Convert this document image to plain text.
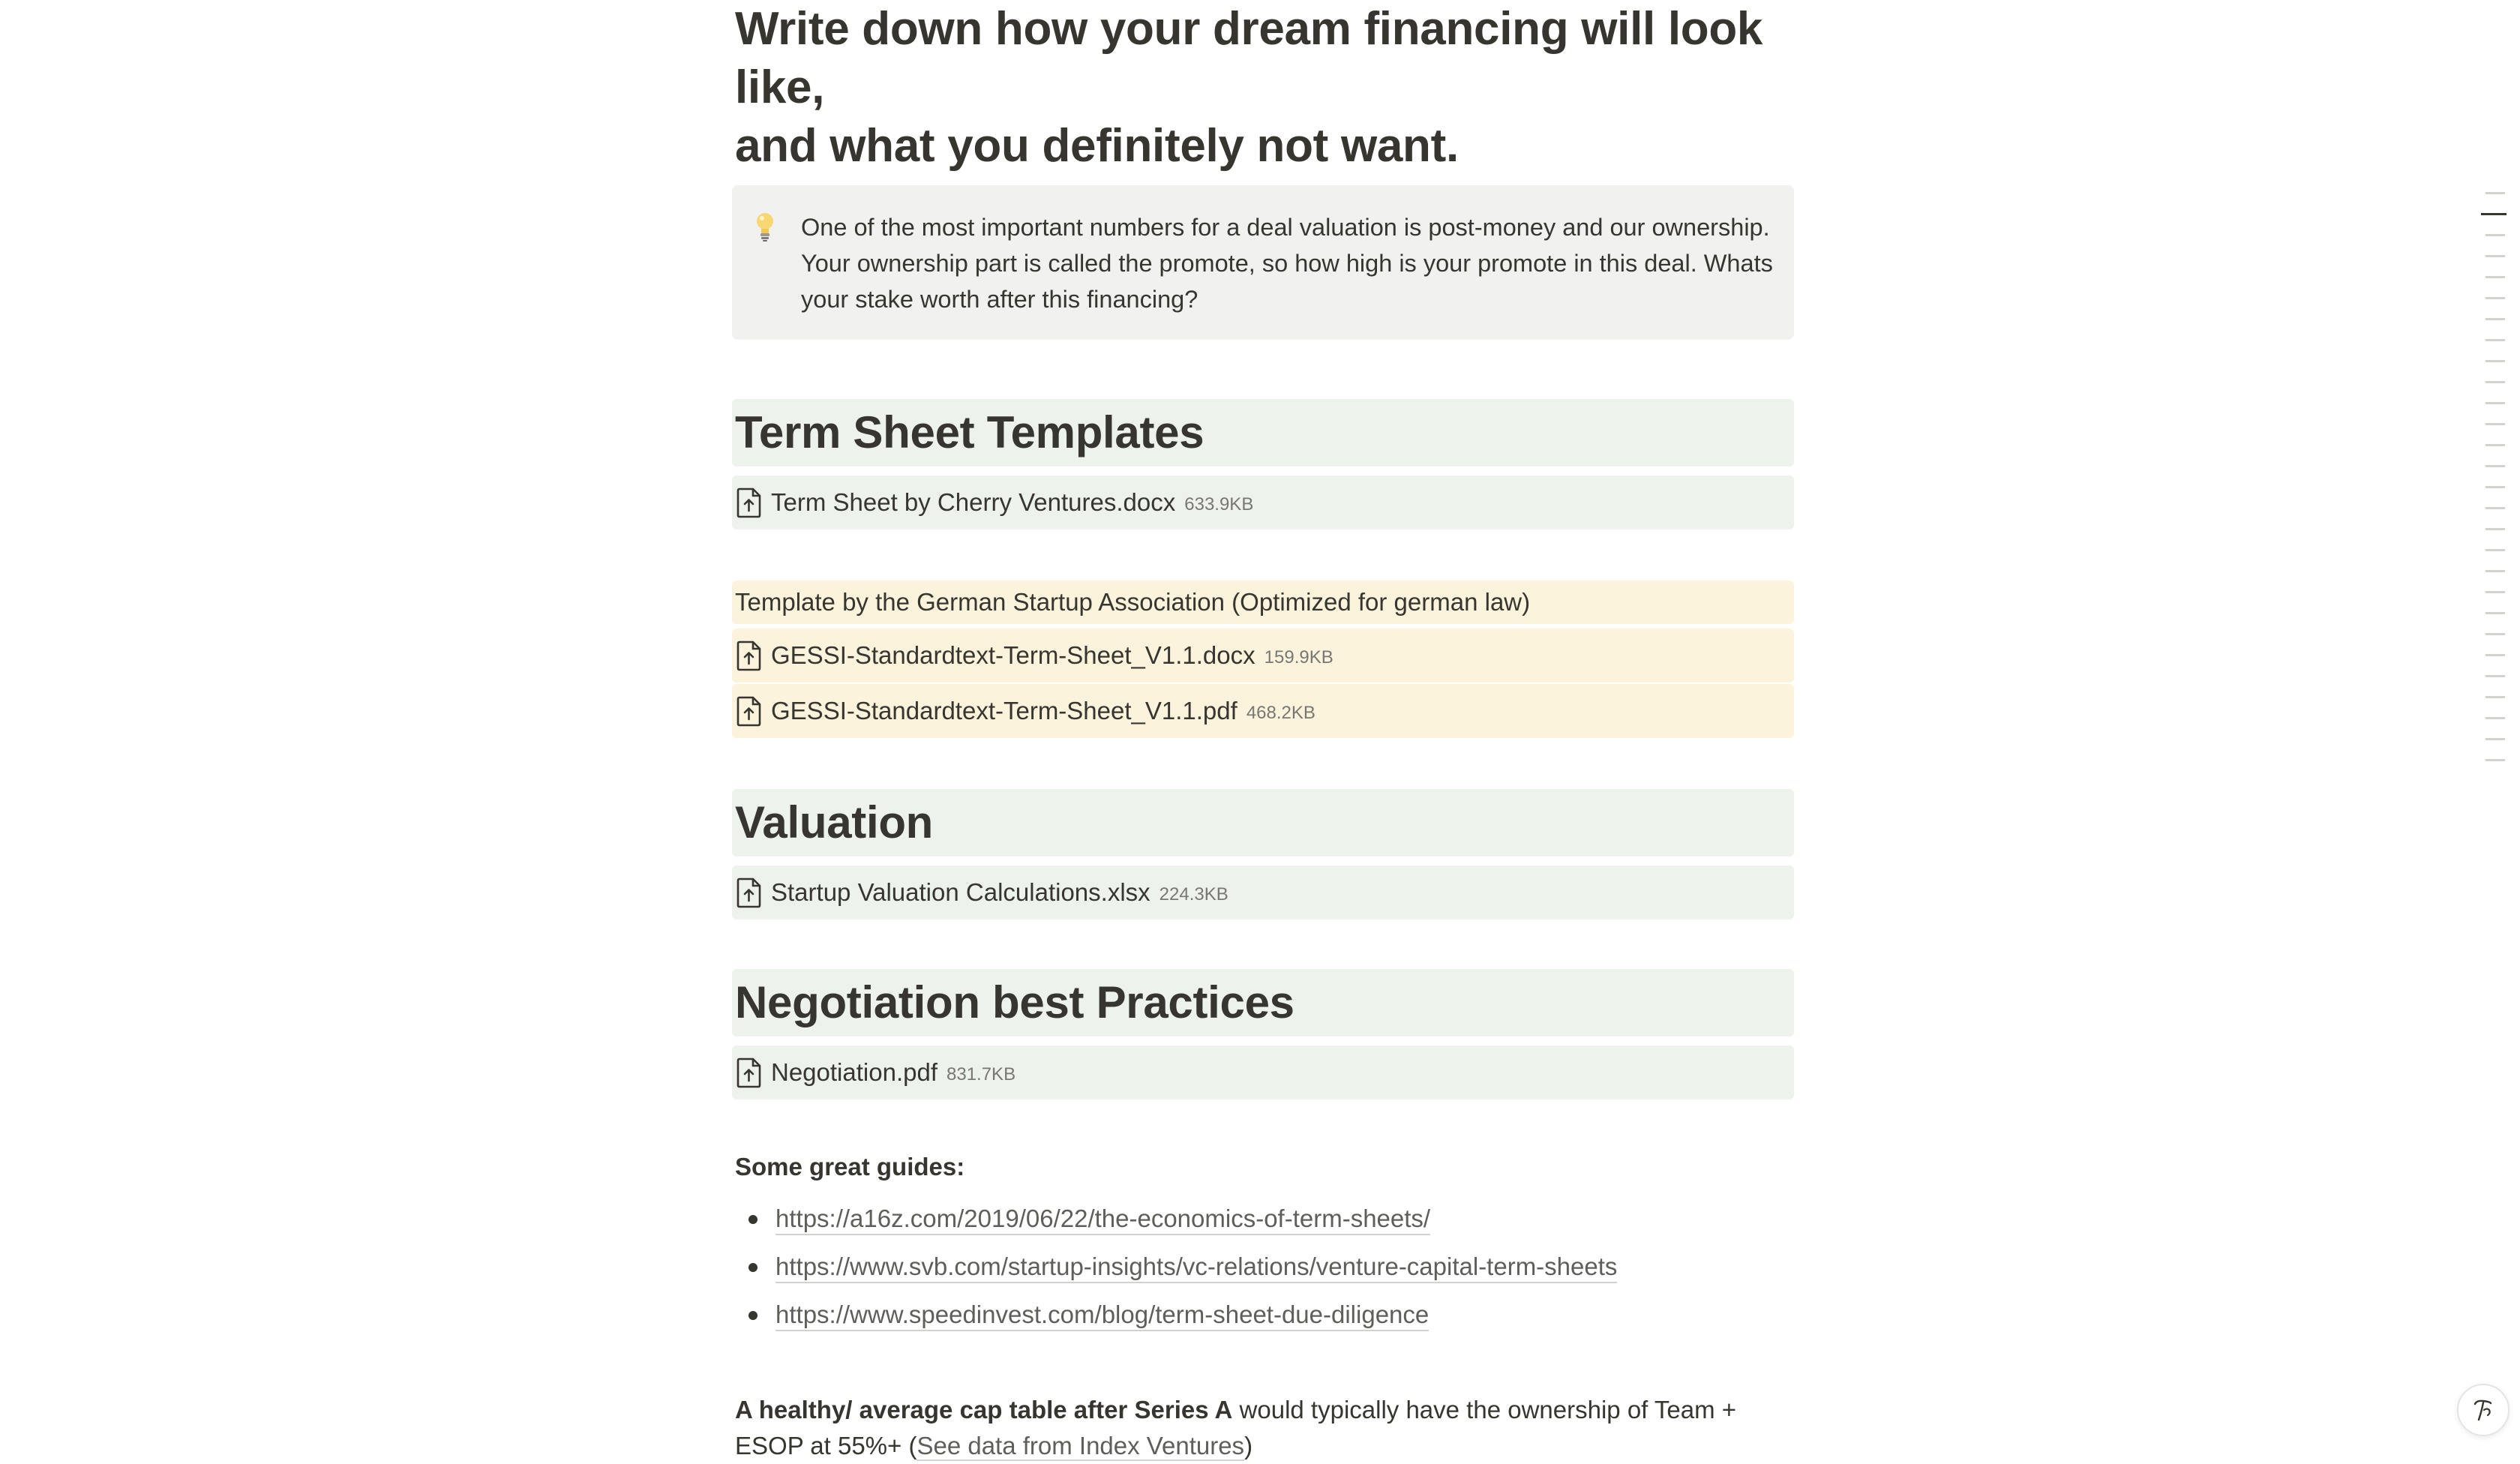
Write down how your dream financing will look like,
and what you definitely not want.
One of the most important numbers for a deal valuation is post-money and our ownership. Your ownership part is called the promote, so how high is your promote in this deal. Whats your stake worth after this financing?
Term Sheet Templates
Term Sheet by Cherry Ventures.docx 633.9KB
Template by the German Startup Association (Optimized for german law)
GESSI-Standardtext-Term-Sheet_V1.1.docx 159.9KB
GESSI-Standardtext-Term-Sheet_V1.1.pdf 468.2KB
Valuation
Startup Valuation Calculations.xlsx 224.3KB
Negotiation best Practices
Negotiation.pdf 831.7KB
Some great guides:
https://a16z.com/2019/06/22/the-economics-of-term-sheets/
https://www.svb.com/startup-insights/vc-relations/venture-capital-term-sheets
https://www.speedinvest.com/blog/term-sheet-due-diligence
A healthy/ average cap table after Series A would typically have the ownership of Team + ESOP at 55%+ (See data from Index Ventures)
